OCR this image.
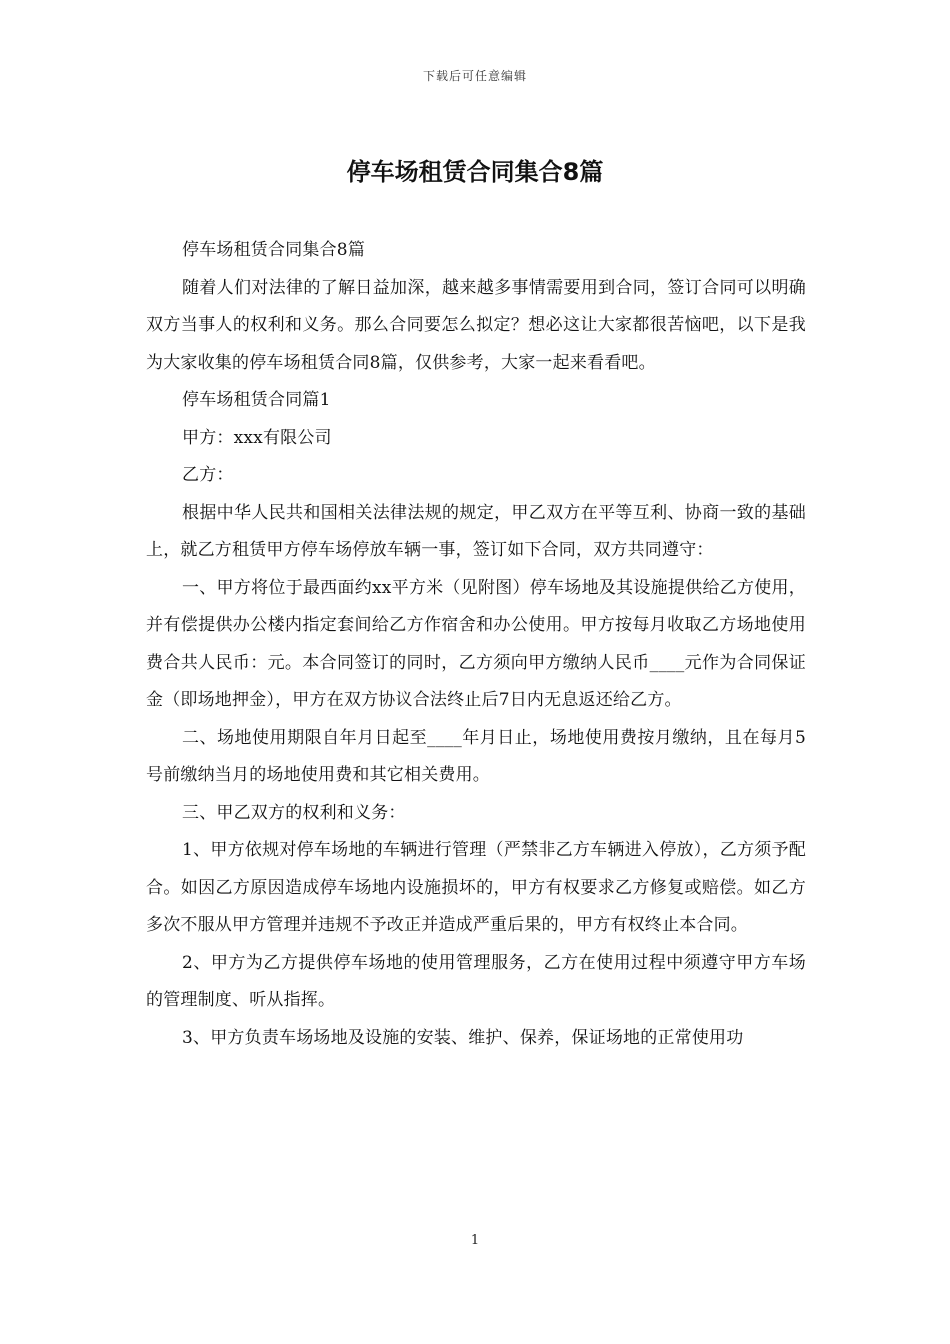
下载后可任意编辑
停车场租赁合同集合8篇

停车场租赁合同集合8篇

随着人们对法律的了解日益加深，越来越多事情需要用到合同，签订合同可以明确双方当事人的权利和义务。那么合同要怎么拟定？想必这让大家都很苦恼吧，以下是我为大家收集的停车场租赁合同8篇，仅供参考，大家一起来看看吧。

停车场租赁合同篇1

甲方：xxx有限公司

乙方：

根据中华人民共和国相关法律法规的规定，甲乙双方在平等互利、协商一致的基础上，就乙方租赁甲方停车场停放车辆一事，签订如下合同，双方共同遵守：

一、甲方将位于最西面约xx平方米（见附图）停车场地及其设施提供给乙方使用，并有偿提供办公楼内指定套间给乙方作宿舍和办公使用。甲方按每月收取乙方场地使用费合共人民币：元。本合同签订的同时，乙方须向甲方缴纳人民币____元作为合同保证金（即场地押金），甲方在双方协议合法终止后7日内无息返还给乙方。

二、场地使用期限自年月日起至____年月日止，场地使用费按月缴纳，且在每月5号前缴纳当月的场地使用费和其它相关费用。

三、甲乙双方的权利和义务：

1、甲方依规对停车场地的车辆进行管理（严禁非乙方车辆进入停放），乙方须予配合。如因乙方原因造成停车场地内设施损坏的，甲方有权要求乙方修复或赔偿。如乙方多次不服从甲方管理并违规不予改正并造成严重后果的，甲方有权终止本合同。

2、甲方为乙方提供停车场地的使用管理服务，乙方在使用过程中须遵守甲方车场的管理制度、听从指挥。

3、甲方负责车场场地及设施的安装、维护、保养，保证场地的正常使用功

1
